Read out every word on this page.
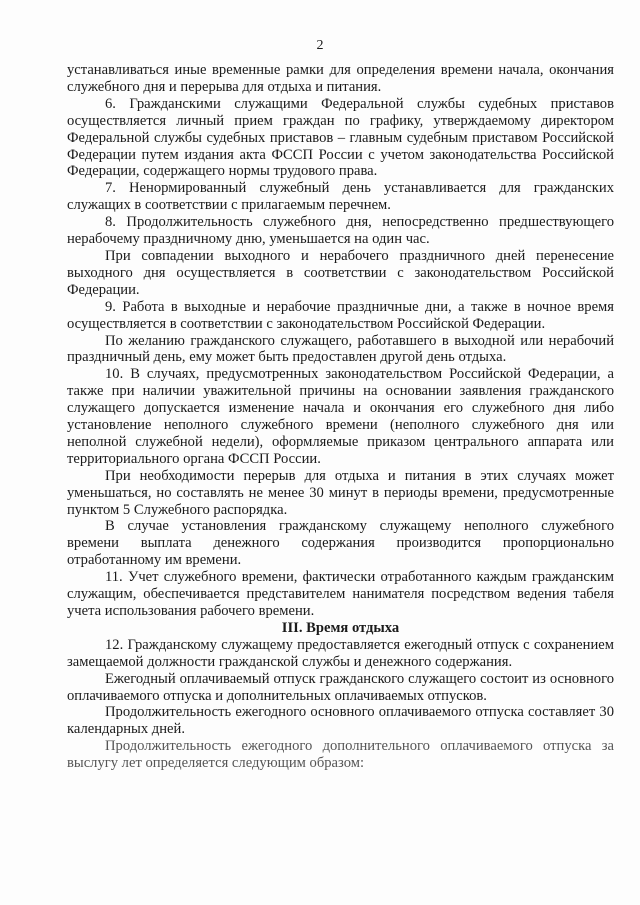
2

устанавливаться иные временные рамки для определения времени начала, окончания служебного дня и перерыва для отдыха и питания.

6. Гражданскими служащими Федеральной службы судебных приставов осуществляется личный прием граждан по графику, утверждаемому директором Федеральной службы судебных приставов – главным судебным приставом Российской Федерации путем издания акта ФССП России с учетом законодательства Российской Федерации, содержащего нормы трудового права.

7. Ненормированный служебный день устанавливается для гражданских служащих в соответствии с прилагаемым перечнем.

8. Продолжительность служебного дня, непосредственно предшествующего нерабочему праздничному дню, уменьшается на один час.

При совпадении выходного и нерабочего праздничного дней перенесение выходного дня осуществляется в соответствии с законодательством Российской Федерации.

9. Работа в выходные и нерабочие праздничные дни, а также в ночное время осуществляется в соответствии с законодательством Российской Федерации.

По желанию гражданского служащего, работавшего в выходной или нерабочий праздничный день, ему может быть предоставлен другой день отдыха.

10. В случаях, предусмотренных законодательством Российской Федерации, а также при наличии уважительной причины на основании заявления гражданского служащего допускается изменение начала и окончания его служебного дня либо установление неполного служебного времени (неполного служебного дня или неполной служебной недели), оформляемые приказом центрального аппарата или территориального органа ФССП России.

При необходимости перерыв для отдыха и питания в этих случаях может уменьшаться, но составлять не менее 30 минут в периоды времени, предусмотренные пунктом 5 Служебного распорядка.

В случае установления гражданскому служащему неполного служебного времени выплата денежного содержания производится пропорционально отработанному им времени.

11. Учет служебного времени, фактически отработанного каждым гражданским служащим, обеспечивается представителем нанимателя посредством ведения табеля учета использования рабочего времени.

III. Время отдыха

12. Гражданскому служащему предоставляется ежегодный отпуск с сохранением замещаемой должности гражданской службы и денежного содержания.

Ежегодный оплачиваемый отпуск гражданского служащего состоит из основного оплачиваемого отпуска и дополнительных оплачиваемых отпусков.

Продолжительность ежегодного основного оплачиваемого отпуска составляет 30 календарных дней.

Продолжительность ежегодного дополнительного оплачиваемого отпуска за выслугу лет определяется следующим образом:
